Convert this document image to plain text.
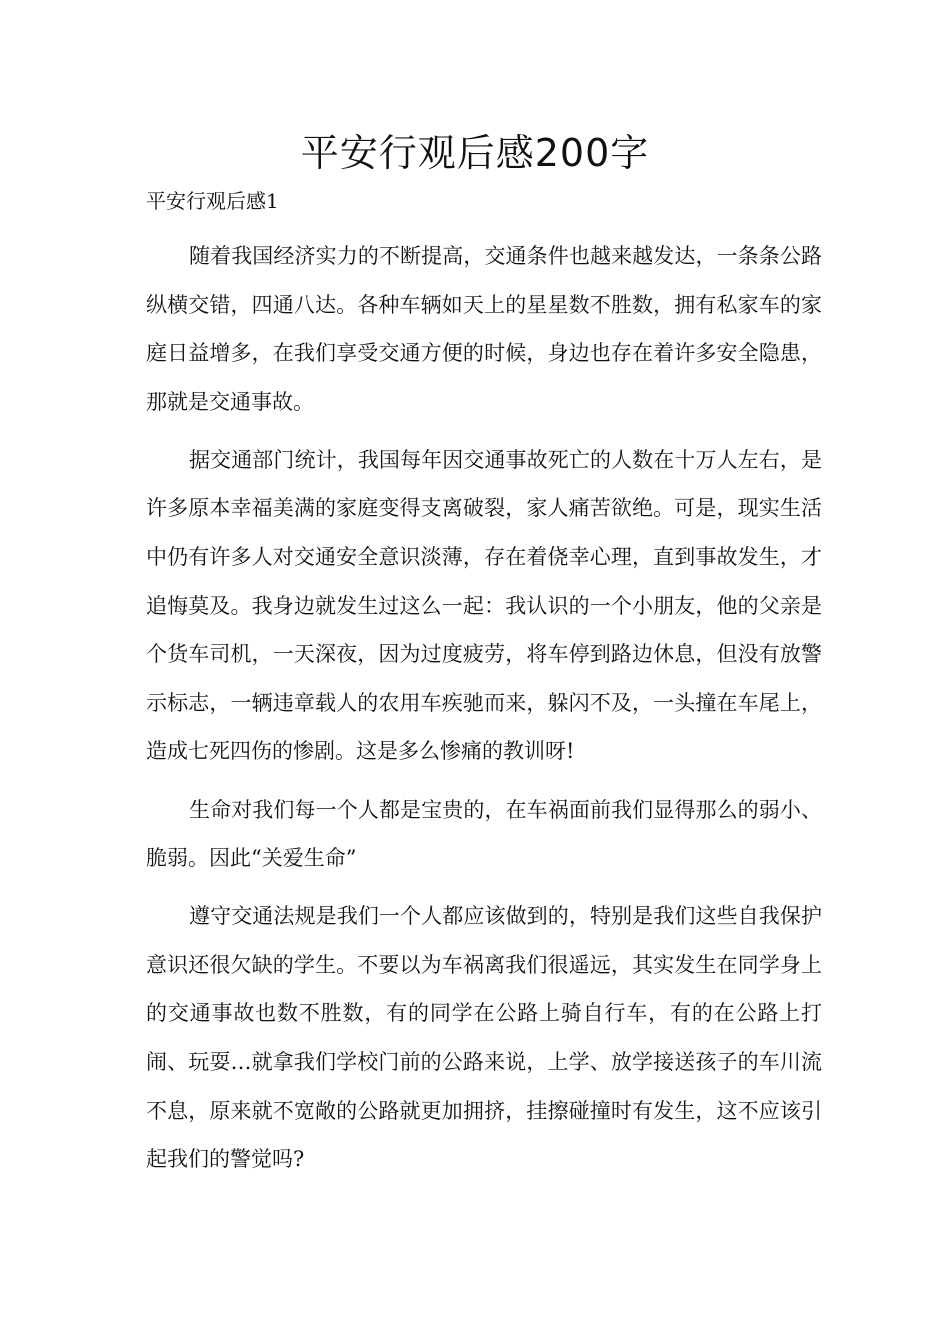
平安行观后感200字
平安行观后感1

随着我国经济实力的不断提高，交通条件也越来越发达，一条条公路纵横交错，四通八达。各种车辆如天上的星星数不胜数，拥有私家车的家庭日益增多，在我们享受交通方便的时候，身边也存在着许多安全隐患，那就是交通事故。

据交通部门统计，我国每年因交通事故死亡的人数在十万人左右，是许多原本幸福美满的家庭变得支离破裂，家人痛苦欲绝。可是，现实生活中仍有许多人对交通安全意识淡薄，存在着侥幸心理，直到事故发生，才追悔莫及。我身边就发生过这么一起：我认识的一个小朋友，他的父亲是个货车司机，一天深夜，因为过度疲劳，将车停到路边休息，但没有放警示标志，一辆违章载人的农用车疾驰而来，躲闪不及，一头撞在车尾上，造成七死四伤的惨剧。这是多么惨痛的教训呀!

生命对我们每一个人都是宝贵的，在车祸面前我们显得那么的弱小、脆弱。因此“关爱生命”

遵守交通法规是我们一个人都应该做到的，特别是我们这些自我保护意识还很欠缺的学生。不要以为车祸离我们很遥远，其实发生在同学身上的交通事故也数不胜数，有的同学在公路上骑自行车，有的在公路上打闹、玩耍…就拿我们学校门前的公路来说，上学、放学接送孩子的车川流不息，原来就不宽敞的公路就更加拥挤，挂擦碰撞时有发生，这不应该引起我们的警觉吗?
